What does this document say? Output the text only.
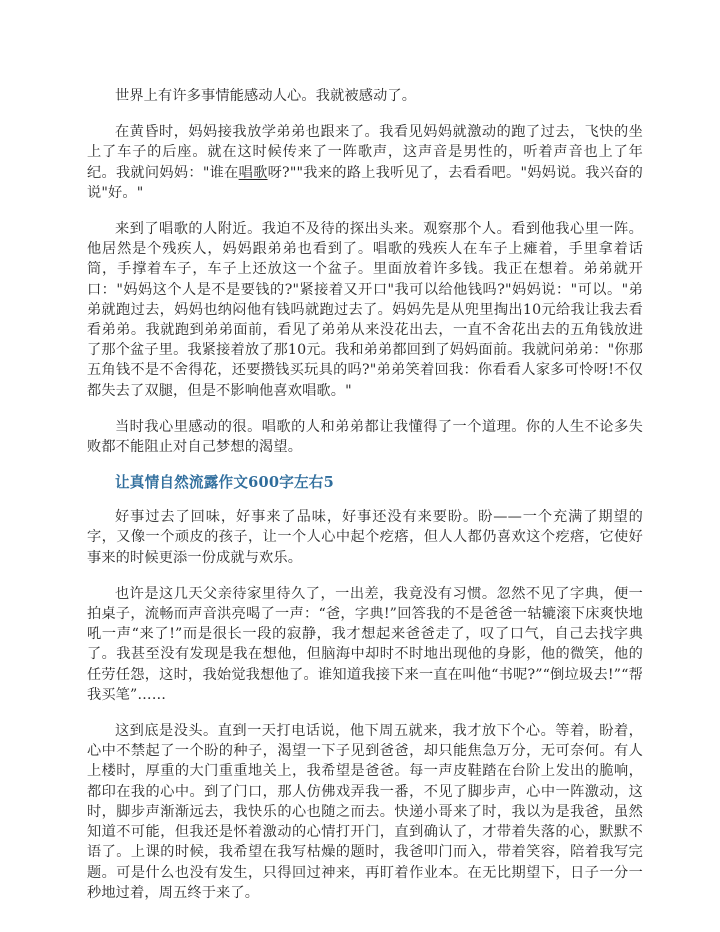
世界上有许多事情能感动人心。我就被感动了。

在黄昏时，妈妈接我放学弟弟也跟来了。我看见妈妈就激动的跑了过去，飞快的坐上了车子的后座。就在这时候传来了一阵歌声，这声音是男性的，听着声音也上了年纪。我就问妈妈："谁在唱歌呀?""我来的路上我听见了，去看看吧。"妈妈说。我兴奋的说"好。"

来到了唱歌的人附近。我迫不及待的探出头来。观察那个人。看到他我心里一阵。他居然是个残疾人，妈妈跟弟弟也看到了。唱歌的残疾人在车子上瘫着，手里拿着话筒，手撑着车子，车子上还放这一个盆子。里面放着许多钱。我正在想着。弟弟就开口："妈妈这个人是不是要钱的?"紧接着又开口"我可以给他钱吗?"妈妈说："可以。"弟弟就跑过去，妈妈也纳闷他有钱吗就跑过去了。妈妈先是从兜里掏出10元给我让我去看看弟弟。我就跑到弟弟面前，看见了弟弟从来没花出去，一直不舍花出去的五角钱放进了那个盆子里。我紧接着放了那10元。我和弟弟都回到了妈妈面前。我就问弟弟："你那五角钱不是不舍得花，还要攒钱买玩具的吗?"弟弟笑着回我：你看看人家多可怜呀!不仅都失去了双腿，但是不影响他喜欢唱歌。"

当时我心里感动的很。唱歌的人和弟弟都让我懂得了一个道理。你的人生不论多失败都不能阻止对自己梦想的渴望。

让真情自然流露作文600字左右5

好事过去了回味，好事来了品味，好事还没有来要盼。盼——一个充满了期望的字，又像一个顽皮的孩子，让一个人心中起个疙瘩，但人人都仍喜欢这个疙瘩，它使好事来的时候更添一份成就与欢乐。

也许是这几天父亲待家里待久了，一出差，我竟没有习惯。忽然不见了字典，便一拍桌子，流畅而声音洪亮喝了一声：“爸，字典!”回答我的不是爸爸一轱辘滚下床爽快地吼一声“来了!”而是很长一段的寂静，我才想起来爸爸走了，叹了口气，自己去找字典了。我甚至没有发现是我在想他，但脑海中却时不时地出现他的身影，他的微笑，他的任劳任怨，这时，我始觉我想他了。谁知道我接下来一直在叫他“书呢?”“倒垃圾去!”“帮我买笔”……

这到底是没头。直到一天打电话说，他下周五就来，我才放下个心。等着，盼着，心中不禁起了一个盼的种子，渴望一下子见到爸爸，却只能焦急万分，无可奈何。有人上楼时，厚重的大门重重地关上，我希望是爸爸。每一声皮鞋踏在台阶上发出的脆响，都印在我的心中。到了门口，那人仿佛戏弄我一番，不见了脚步声，心中一阵激动，这时，脚步声渐渐远去，我快乐的心也随之而去。快递小哥来了时，我以为是我爸，虽然知道不可能，但我还是怀着激动的心情打开门，直到确认了，才带着失落的心，默默不语了。上课的时候，我希望在我写枯燥的题时，我爸叩门而入，带着笑容，陪着我写完题。可是什么也没有发生，只得回过神来，再盯着作业本。在无比期望下，日子一分一秒地过着，周五终于来了。
